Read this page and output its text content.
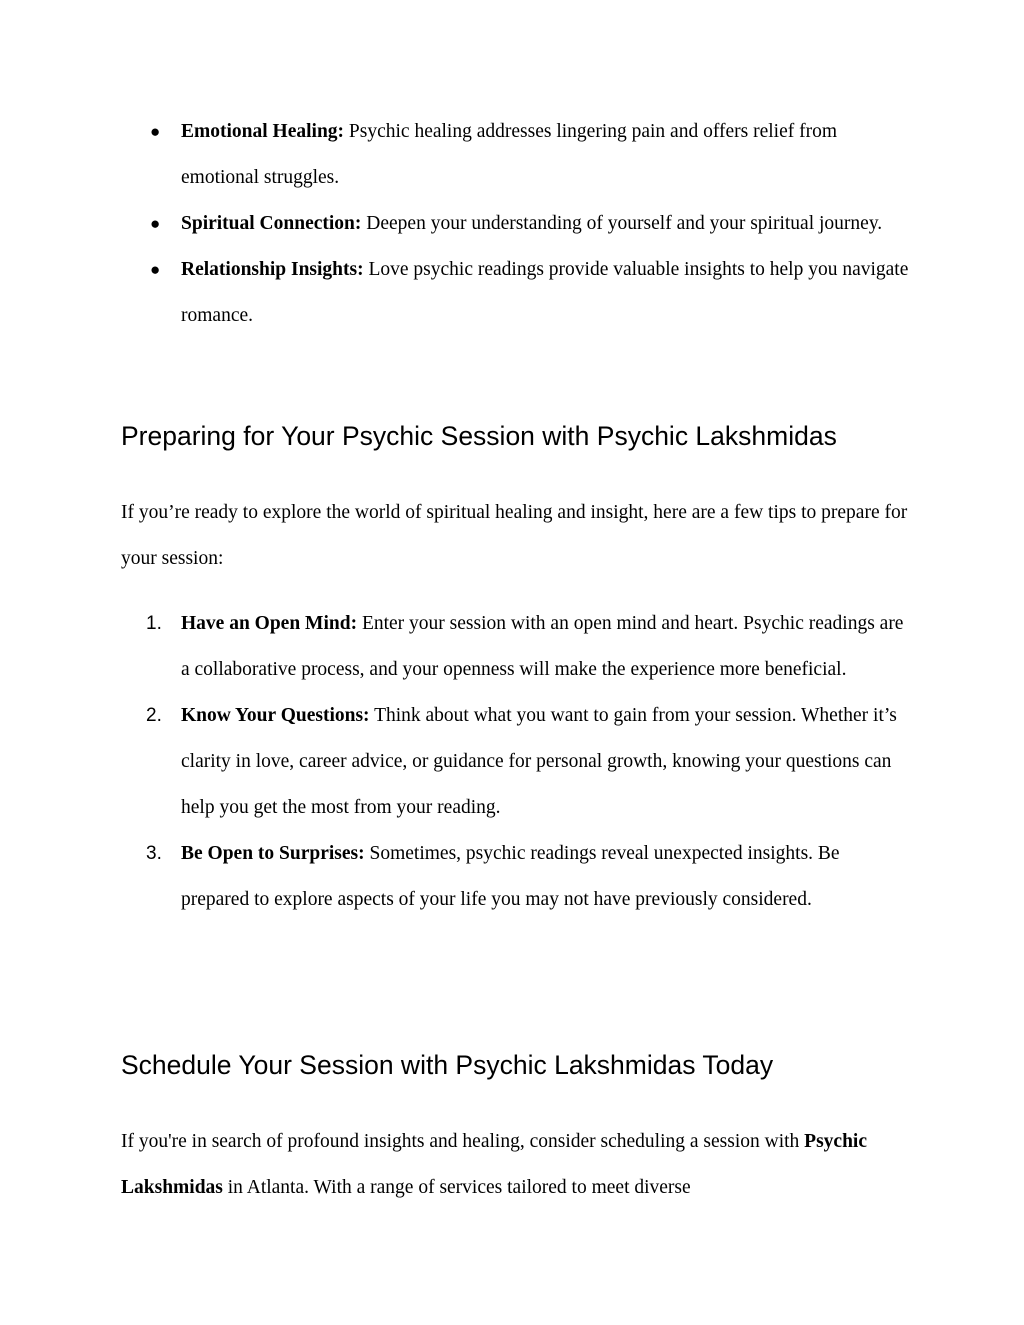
●	Emotional Healing: Psychic healing addresses lingering pain and offers relief from emotional struggles.
●	Spiritual Connection: Deepen your understanding of yourself and your spiritual journey.
●	Relationship Insights: Love psychic readings provide valuable insights to help you navigate romance.
Preparing for Your Psychic Session with Psychic Lakshmidas

If you’re ready to explore the world of spiritual healing and insight, here are a few tips to prepare for your session:

1. Have an Open Mind: Enter your session with an open mind and heart. Psychic readings are a collaborative process, and your openness will make the experience more beneficial.
2. Know Your Questions: Think about what you want to gain from your session. Whether it’s clarity in love, career advice, or guidance for personal growth, knowing your questions can help you get the most from your reading.
3. Be Open to Surprises: Sometimes, psychic readings reveal unexpected insights. Be prepared to explore aspects of your life you may not have previously considered.
Schedule Your Session with Psychic Lakshmidas Today

If you're in search of profound insights and healing, consider scheduling a session with Psychic Lakshmidas in Atlanta. With a range of services tailored to meet diverse
